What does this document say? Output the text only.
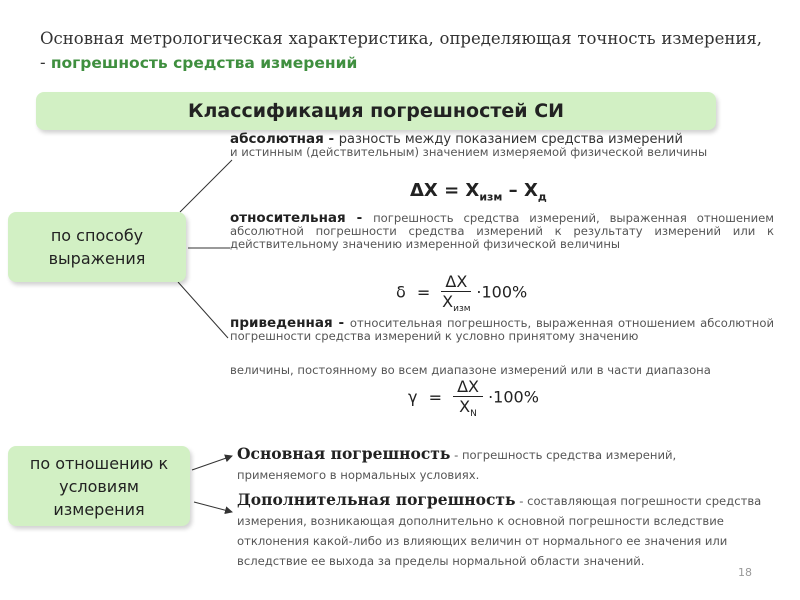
Основная метрологическая характеристика, определяющая точность измерения, - погрешность средства измерений
Классификация погрешностей СИ
по способу выражения
по отношению к условиям измерения
абсолютная - разность между показанием средства измерений
и истинным (действительным) значением измеряемой физической величины
$\Delta X = X_{изм} - X_д$
относительная - погрешность средства измерений, выраженная отношением абсолютной погрешности средства измерений к результату измерений или к действительному значению измеренной физической величины
$\delta = \frac{\Delta X}{X_{изм}} \cdot 100\%$
приведенная - относительная погрешность, выраженная отношением абсолютной погрешности средства измерений к условно принятому значению
величины, постоянному во всем диапазоне измерений или в части диапазона
$\gamma = \frac{\Delta X}{X_N} \cdot 100\%$
Основная погрешность - погрешность средства измерений, применяемого в нормальных условиях.
Дополнительная погрешность - составляющая погрешности средства измерения, возникающая дополнительно к основной погрешности вследствие отклонения какой-либо из влияющих величин от нормального ее значения или вследствие ее выхода за пределы нормальной области значений.
18
